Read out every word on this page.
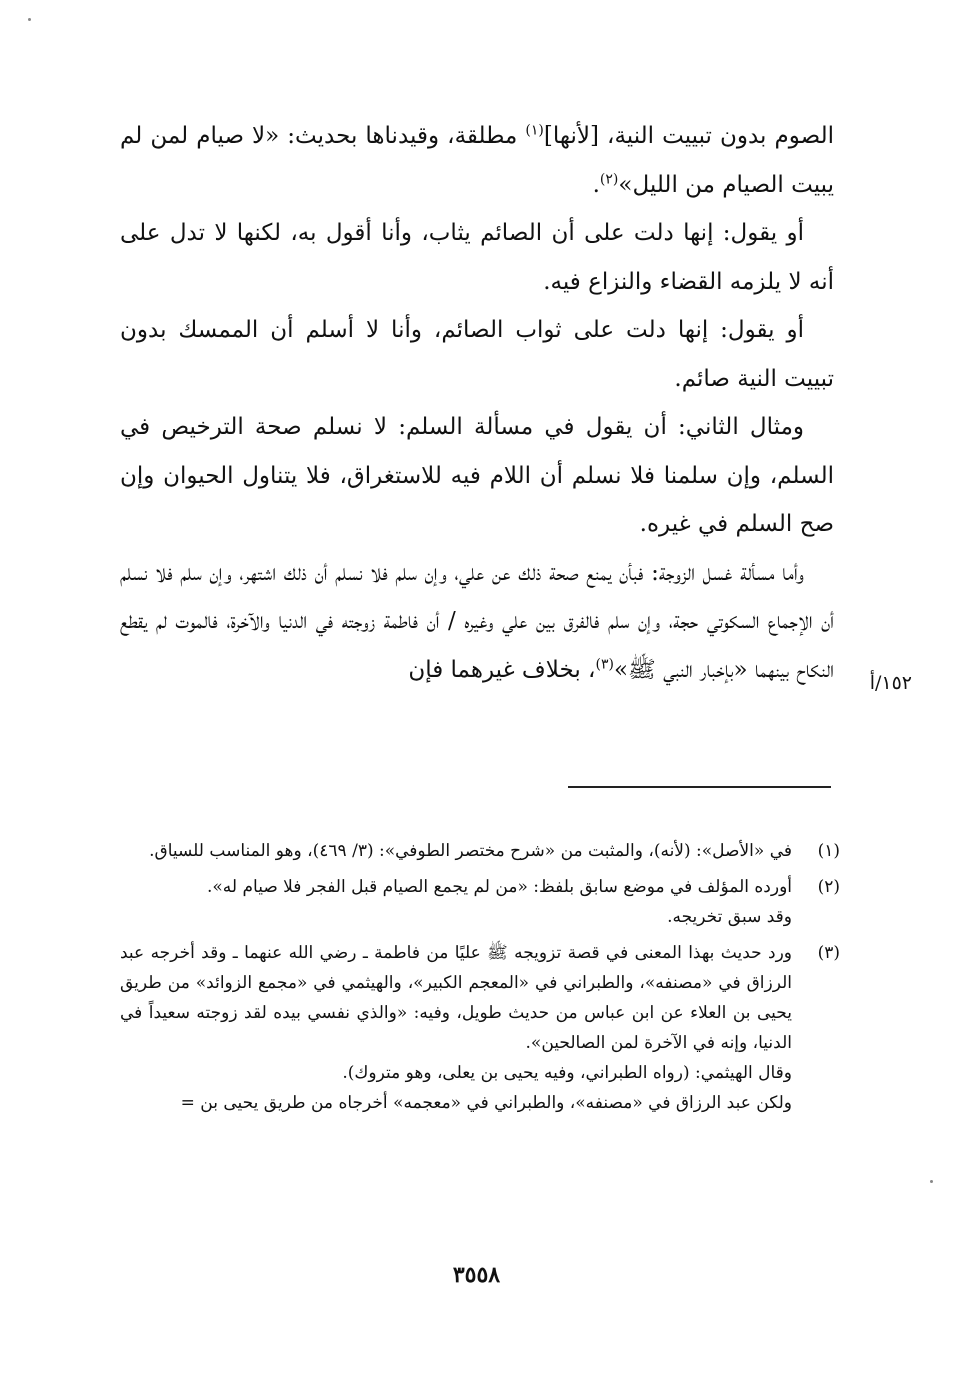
الصوم بدون تبييت النية، [لأنها]$^{(١)}$ مطلقة، وقيدناها بحديث: «لا صيام لمن لم يبيت الصيام من الليل»$^{(٢)}$.

أو يقول: إنها دلت على أن الصائم يثاب، وأنا أقول به، لكنها لا تدل على أنه لا يلزمه القضاء والنزاع فيه.

أو يقول: إنها دلت على ثواب الصائم، وأنا لا أسلم أن الممسك بدون تبييت النية صائم.

ومثال الثاني: أن يقول في مسألة السلم: لا نسلم صحة الترخيص في السلم، وإن سلمنا فلا نسلم أن اللام فيه للاستغراق، فلا يتناول الحيوان وإن صح السلم في غيره.

وأما مسألة غسل الزوجة: فبأن يمنع صحة ذلك عن علي، وإن سلم فلا نسلم أن ذلك اشتهر، وإن سلم فلا نسلم أن الإجماع السكوتي حجة، وإن سلم فالفرق بين علي وغيره / أن فاطمة زوجته في الدنيا والآخرة، فالموت لم يقطع النكاح بينهما «بإخبار النبي ﷺ»$^{(٣)}$، بخلاف غيرهما فإن

١٥٢/أ
(١)
في «الأصل»: (لأنه)، والمثبت من «شرح مختصر الطوفي»: (٣/ ٤٦٩)، وهو المناسب للسياق.
(٢)
أورده المؤلف في موضع سابق بلفظ: «من لم يجمع الصيام قبل الفجر فلا صيام له».
وقد سبق تخريجه.
(٣)
ورد حديث بهذا المعنى في قصة تزويجه ﷺ عليًا من فاطمة ـ رضي الله عنهما ـ وقد أخرجه عبد الرزاق في «مصنفه»، والطبراني في «المعجم الكبير»، والهيثمي في «مجمع الزوائد» من طريق يحيى بن العلاء عن ابن عباس من حديث طويل، وفيه: «والذي نفسي بيده لقد زوجته سعيداً في الدنيا، وإنه في الآخرة لمن الصالحين».
وقال الهيثمي: (رواه الطبراني، وفيه يحيى بن يعلى، وهو متروك).
ولكن عبد الرزاق في «مصنفه»، والطبراني في «معجمه» أخرجاه من طريق يحيى بن =
٣٥٥٨
